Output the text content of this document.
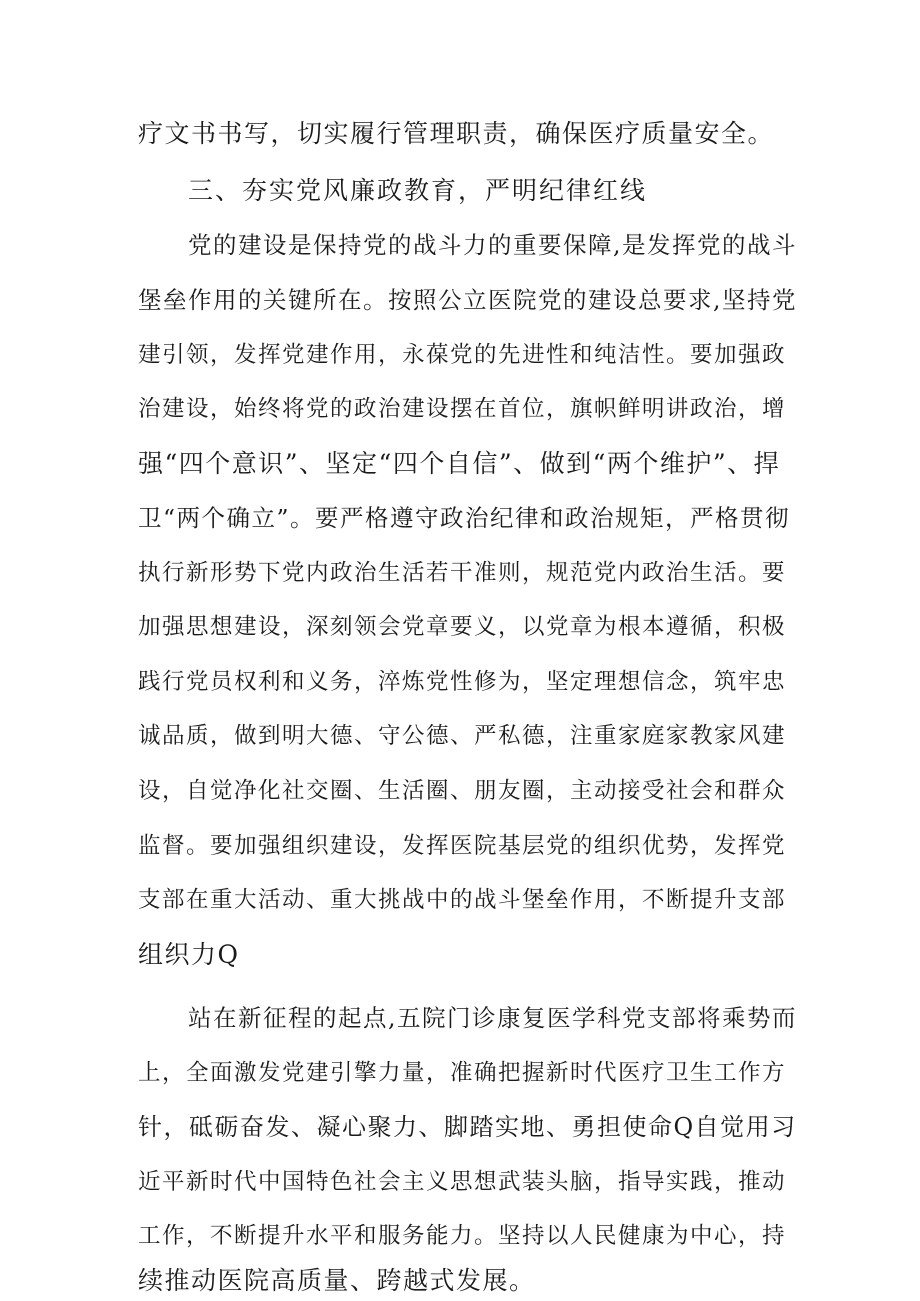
疗文书书写，切实履行管理职责，确保医疗质量安全。
三、夯实党风廉政教育，严明纪律红线
党的建设是保持党的战斗力的重要保障,是发挥党的战斗
堡垒作用的关键所在。按照公立医院党的建设总要求,坚持党
建引领，发挥党建作用，永葆党的先进性和纯洁性。要加强政
治建设，始终将党的政治建设摆在首位，旗帜鲜明讲政治，增
强“四个意识”、坚定“四个自信”、做到“两个维护”、捍
卫“两个确立”。要严格遵守政治纪律和政治规矩，严格贯彻
执行新形势下党内政治生活若干准则，规范党内政治生活。要
加强思想建设，深刻领会党章要义，以党章为根本遵循，积极
践行党员权利和义务，淬炼党性修为，坚定理想信念，筑牢忠
诚品质，做到明大德、守公德、严私德，注重家庭家教家风建
设，自觉净化社交圈、生活圈、朋友圈，主动接受社会和群众
监督。要加强组织建设，发挥医院基层党的组织优势，发挥党
支部在重大活动、重大挑战中的战斗堡垒作用，不断提升支部
组织力Q
站在新征程的起点,五院门诊康复医学科党支部将乘势而
上，全面激发党建引擎力量，准确把握新时代医疗卫生工作方
针，砥砺奋发、凝心聚力、脚踏实地、勇担使命Q自觉用习
近平新时代中国特色社会主义思想武装头脑，指导实践，推动
工作，不断提升水平和服务能力。坚持以人民健康为中心，持
续推动医院高质量、跨越式发展。
